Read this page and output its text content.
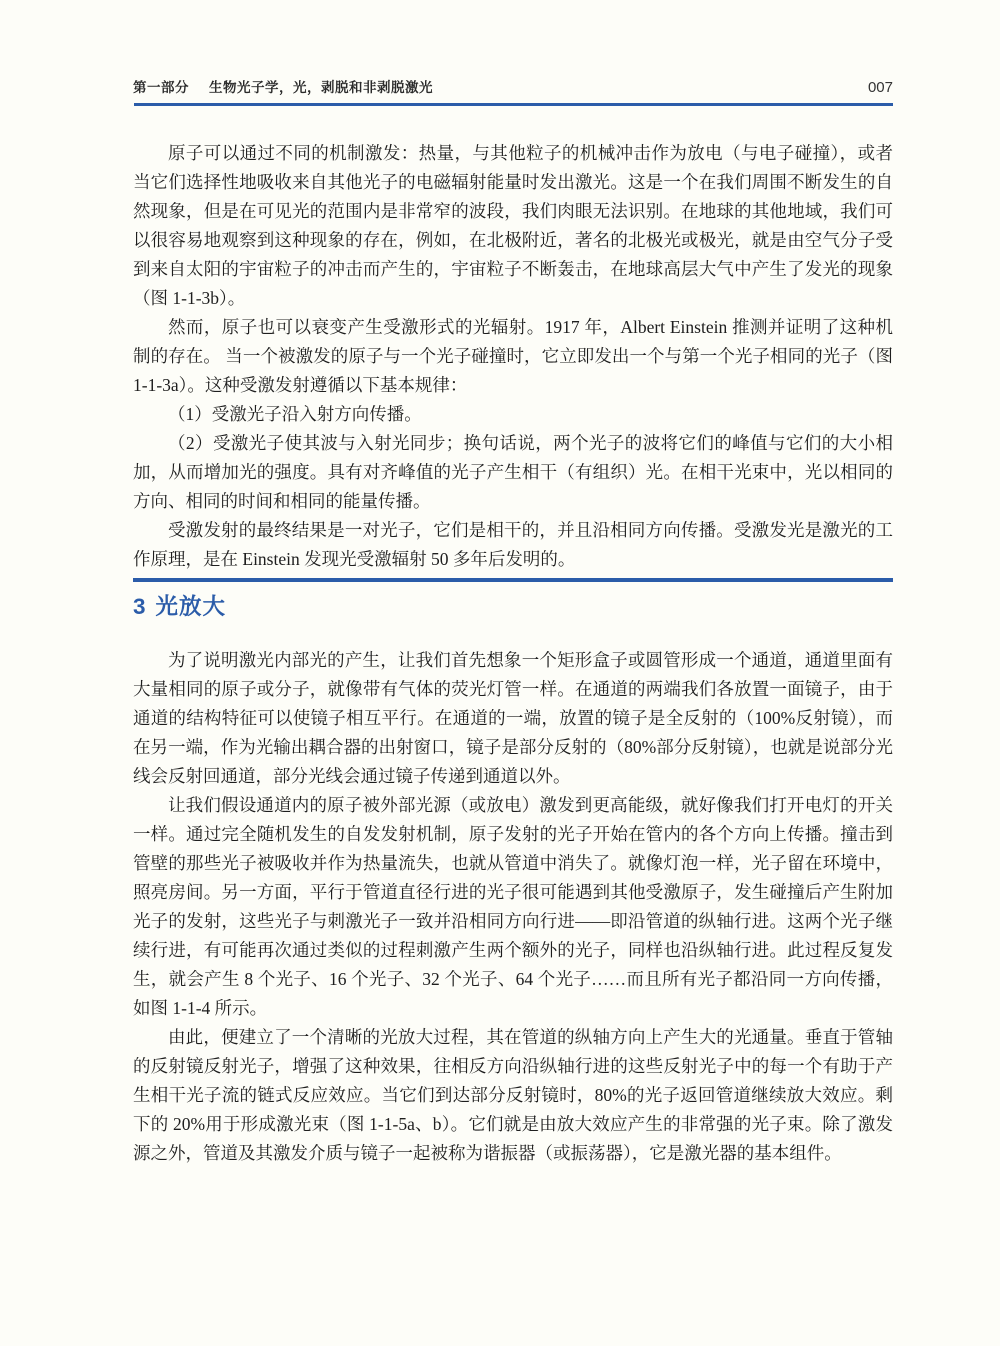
第一部分 生物光子学，光，剥脱和非剥脱激光	007

原子可以通过不同的机制激发：热量，与其他粒子的机械冲击作为放电（与电子碰撞），或者当它们选择性地吸收来自其他光子的电磁辐射能量时发出激光。这是一个在我们周围不断发生的自然现象，但是在可见光的范围内是非常窄的波段，我们肉眼无法识别。在地球的其他地域，我们可以很容易地观察到这种现象的存在，例如，在北极附近，著名的北极光或极光，就是由空气分子受到来自太阳的宇宙粒子的冲击而产生的，宇宙粒子不断轰击，在地球高层大气中产生了发光的现象（图 1-1-3b）。

然而，原子也可以衰变产生受激形式的光辐射。1917 年，Albert Einstein 推测并证明了这种机制的存在。 当一个被激发的原子与一个光子碰撞时，它立即发出一个与第一个光子相同的光子（图 1-1-3a）。这种受激发射遵循以下基本规律：

（1）受激光子沿入射方向传播。

（2）受激光子使其波与入射光同步；换句话说，两个光子的波将它们的峰值与它们的大小相加，从而增加光的强度。具有对齐峰值的光子产生相干（有组织）光。在相干光束中，光以相同的方向、相同的时间和相同的能量传播。

受激发射的最终结果是一对光子，它们是相干的，并且沿相同方向传播。受激发光是激光的工作原理，是在 Einstein 发现光受激辐射 50 多年后发明的。

3 光放大

为了说明激光内部光的产生，让我们首先想象一个矩形盒子或圆管形成一个通道，通道里面有大量相同的原子或分子，就像带有气体的荧光灯管一样。在通道的两端我们各放置一面镜子，由于通道的结构特征可以使镜子相互平行。在通道的一端，放置的镜子是全反射的（100%反射镜），而在另一端，作为光输出耦合器的出射窗口，镜子是部分反射的（80%部分反射镜），也就是说部分光线会反射回通道，部分光线会通过镜子传递到通道以外。

让我们假设通道内的原子被外部光源（或放电）激发到更高能级，就好像我们打开电灯的开关一样。通过完全随机发生的自发发射机制，原子发射的光子开始在管内的各个方向上传播。撞击到管壁的那些光子被吸收并作为热量流失，也就从管道中消失了。就像灯泡一样，光子留在环境中，照亮房间。另一方面，平行于管道直径行进的光子很可能遇到其他受激原子，发生碰撞后产生附加光子的发射，这些光子与刺激光子一致并沿相同方向行进——即沿管道的纵轴行进。这两个光子继续行进，有可能再次通过类似的过程刺激产生两个额外的光子，同样也沿纵轴行进。此过程反复发生，就会产生 8 个光子、16 个光子、32 个光子、64 个光子……而且所有光子都沿同一方向传播，如图 1-1-4 所示。

由此，便建立了一个清晰的光放大过程，其在管道的纵轴方向上产生大的光通量。垂直于管轴的反射镜反射光子，增强了这种效果，往相反方向沿纵轴行进的这些反射光子中的每一个有助于产生相干光子流的链式反应效应。当它们到达部分反射镜时，80%的光子返回管道继续放大效应。剩下的 20%用于形成激光束（图 1-1-5a、b）。它们就是由放大效应产生的非常强的光子束。除了激发源之外，管道及其激发介质与镜子一起被称为谐振器（或振荡器），它是激光器的基本组件。
